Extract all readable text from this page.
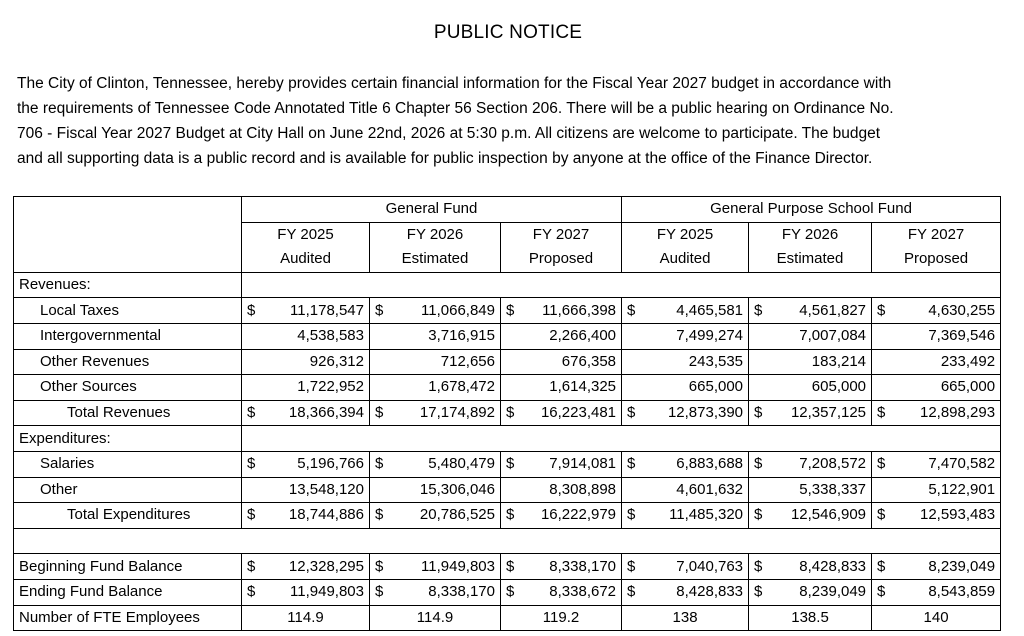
PUBLIC NOTICE
The City of Clinton, Tennessee, hereby provides certain financial information for the Fiscal Year 2027 budget in accordance with
the requirements of Tennessee Code Annotated Title 6 Chapter 56 Section 206. There will be a public hearing on Ordinance No.
706 - Fiscal Year 2027 Budget at City Hall on June 22nd, 2026 at 5:30 p.m. All citizens are welcome to participate. The budget
and all supporting data is a public record and is available for public inspection by anyone at the office of the Finance Director.
	General Fund			General Purpose School Fund		
	FY 2025	FY 2026	FY 2027	FY 2025	FY 2026	FY 2027
	Audited	Estimated	Proposed	Audited	Estimated	Proposed
Revenues:						
Local Taxes	$ 11,178,547	$ 11,066,849	$ 11,666,398	$ 4,465,581	$ 4,561,827	$ 4,630,255

Intergovernmental	4,538,583	3,716,915	2,266,400	7,499,274	7,007,084	7,369,546
Other Revenues	926,312	712,656	676,358	243,535	183,214	233,492
Other Sources	1,722,952	1,678,472	1,614,325	665,000	605,000	665,000
Total Revenues	$ 18,366,394	$ 17,174,892	$ 16,223,481	$ 12,873,390	$ 12,357,125	$ 12,898,293

Expenditures:						
Salaries	$ 5,196,766	$ 5,480,479	$ 7,914,081	$ 6,883,688	$ 7,208,572	$ 7,470,582

Other	13,548,120	15,306,046	8,308,898	4,601,632	5,338,337	5,122,901
Total Expenditures	$ 18,744,886	$ 20,786,525	$ 16,222,979	$ 11,485,320	$ 12,546,909	$ 12,593,483

Beginning Fund Balance	$ 12,328,295	$ 11,949,803	$ 8,338,170	$ 7,040,763	$ 8,428,833	$ 8,239,049

Ending Fund Balance	$ 11,949,803	$ 8,338,170	$ 8,338,672	$ 8,428,833	$ 8,239,049	$ 8,543,859

Number of FTE Employees	114.9	114.9	119.2	138	138.5	140
